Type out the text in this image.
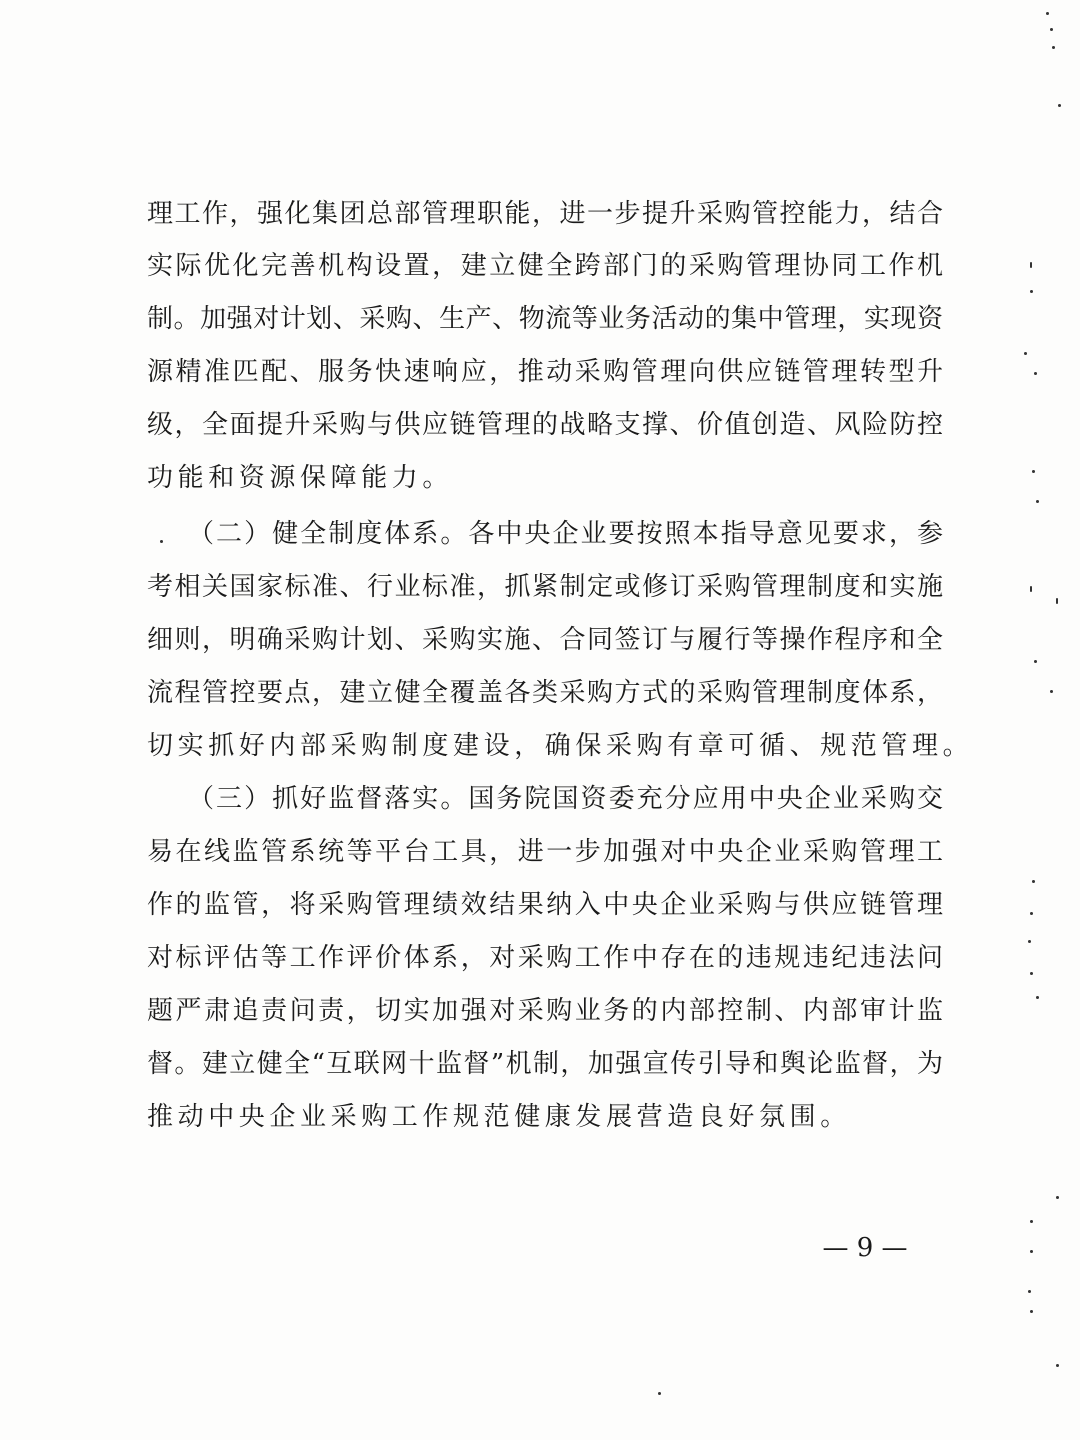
理工作，强化集团总部管理职能，进一步提升采购管控能力，结合
实际优化完善机构设置，建立健全跨部门的采购管理协同工作机
制。加强对计划、采购、生产、物流等业务活动的集中管理，实现资
源精准匹配、服务快速响应，推动采购管理向供应链管理转型升
级，全面提升采购与供应链管理的战略支撑、价值创造、风险防控
功能和资源保障能力。
（二）健全制度体系。各中央企业要按照本指导意见要求，参
考相关国家标准、行业标准，抓紧制定或修订采购管理制度和实施
细则，明确采购计划、采购实施、合同签订与履行等操作程序和全
流程管控要点，建立健全覆盖各类采购方式的采购管理制度体系，
切实抓好内部采购制度建设，确保采购有章可循、规范管理。
（三）抓好监督落实。国务院国资委充分应用中央企业采购交
易在线监管系统等平台工具，进一步加强对中央企业采购管理工
作的监管，将采购管理绩效结果纳入中央企业采购与供应链管理
对标评估等工作评价体系，对采购工作中存在的违规违纪违法问
题严肃追责问责，切实加强对采购业务的内部控制、内部审计监
督。建立健全“互联网十监督”机制，加强宣传引导和舆论监督，为
推动中央企业采购工作规范健康发展营造良好氛围。
— 9 —
